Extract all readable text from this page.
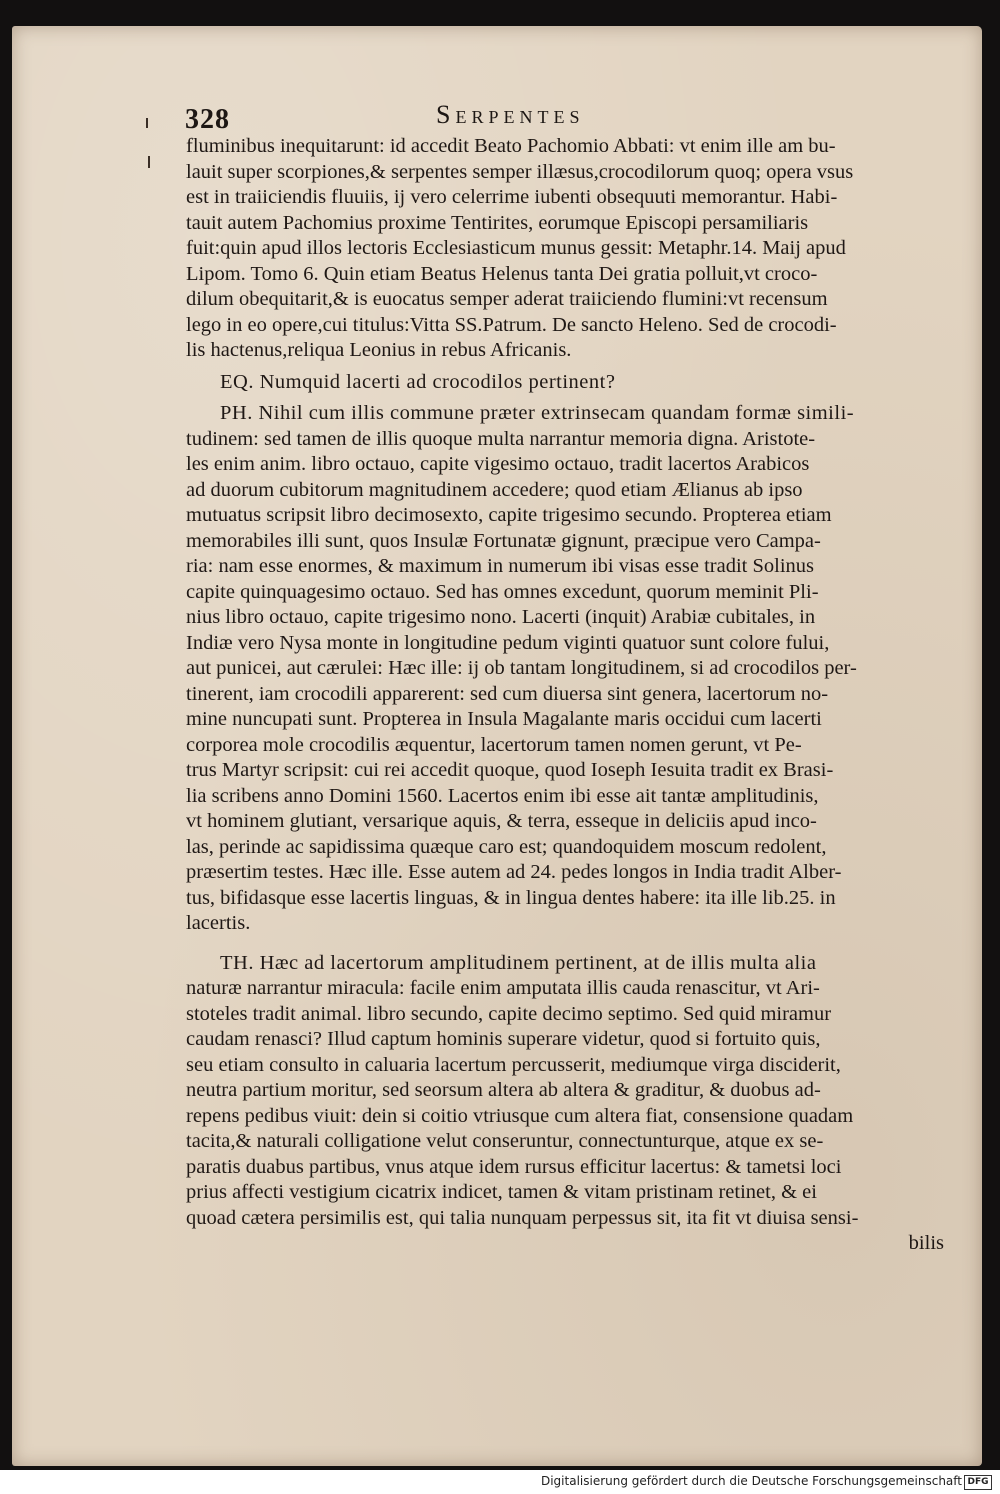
328	Serpentes
fluminibus inequitarunt: id accedit Beato Pachomio Abbati: vt enim ille am bu-
lauit super scorpiones,& serpentes semper illæsus,crocodilorum quoq; opera vsus
est in traiiciendis fluuiis, ij vero celerrime iubenti obsequuti memorantur. Habi-
tauit autem Pachomius proxime Tentirites, eorumque Episcopi persamiliaris
fuit:quin apud illos lectoris Ecclesiasticum munus gessit: Metaphr.14. Maij apud
Lipom. Tomo 6. Quin etiam Beatus Helenus tanta Dei gratia polluit,vt croco-
dilum obequitarit,& is euocatus semper aderat traiiciendo flumini:vt recensum
lego in eo opere,cui titulus:Vitta SS.Patrum. De sancto Heleno. Sed de crocodi-
lis hactenus,reliqua Leonius in rebus Africanis.
EQ. Numquid lacerti ad crocodilos pertinent?
PH. Nihil cum illis commune præter extrinsecam quandam formæ simili-
tudinem: sed tamen de illis quoque multa narrantur memoria digna. Aristote-
les enim anim. libro octauo, capite vigesimo octauo, tradit lacertos Arabicos
ad duorum cubitorum magnitudinem accedere; quod etiam Ælianus ab ipso
mutuatus scripsit libro decimosexto, capite trigesimo secundo. Propterea etiam
memorabiles illi sunt, quos Insulæ Fortunatæ gignunt, præcipue vero Campa-
ria: nam esse enormes, & maximum in numerum ibi visas esse tradit Solinus
capite quinquagesimo octauo. Sed has omnes excedunt, quorum meminit Pli-
nius libro octauo, capite trigesimo nono. Lacerti (inquit) Arabiæ cubitales, in
Indiæ vero Nysa monte in longitudine pedum viginti quatuor sunt colore fului,
aut punicei, aut cærulei: Hæc ille: ij ob tantam longitudinem, si ad crocodilos per-
tinerent, iam crocodili apparerent: sed cum diuersa sint genera, lacertorum no-
mine nuncupati sunt. Propterea in Insula Magalante maris occidui cum lacerti
corporea mole crocodilis æquentur, lacertorum tamen nomen gerunt, vt Pe-
trus Martyr scripsit: cui rei accedit quoque, quod Ioseph Iesuita tradit ex Brasi-
lia scribens anno Domini 1560. Lacertos enim ibi esse ait tantæ amplitudinis,
vt hominem glutiant, versarique aquis, & terra, esseque in deliciis apud inco-
las, perinde ac sapidissima quæque caro est; quandoquidem moscum redolent,
præsertim testes. Hæc ille. Esse autem ad 24. pedes longos in India tradit Alber-
tus, bifidasque esse lacertis linguas, & in lingua dentes habere: ita ille lib.25. in
lacertis.
TH. Hæc ad lacertorum amplitudinem pertinent, at de illis multa alia
naturæ narrantur miracula: facile enim amputata illis cauda renascitur, vt Ari-
stoteles tradit animal. libro secundo, capite decimo septimo. Sed quid miramur
caudam renasci? Illud captum hominis superare videtur, quod si fortuito quis,
seu etiam consulto in caluaria lacertum percusserit, mediumque virga disciderit,
neutra partium moritur, sed seorsum altera ab altera & graditur, & duobus ad-
repens pedibus viuit: dein si coitio vtriusque cum altera fiat, consensione quadam
tacita,& naturali colligatione velut conseruntur, connectunturque, atque ex se-
paratis duabus partibus, vnus atque idem rursus efficitur lacertus: & tametsi loci
prius affecti vestigium cicatrix indicet, tamen & vitam pristinam retinet, & ei
quoad cætera persimilis est, qui talia nunquam perpessus sit, ita fit vt diuisa sensi-
bilis
Digitalisierung gefördert durch die Deutsche Forschungsgemeinschaft DFG
